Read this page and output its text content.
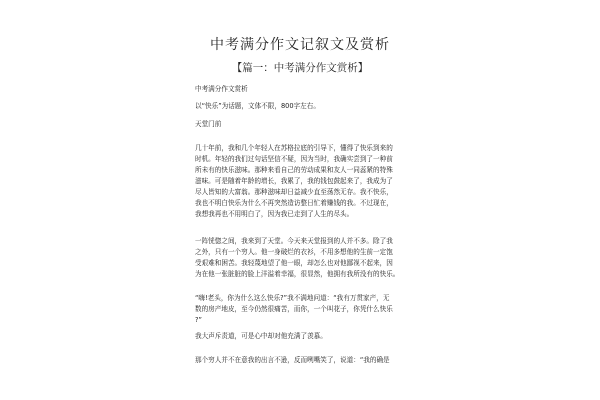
中考满分作文记叙文及赏析
【篇一：中考满分作文赏析】
中考满分作文赏析
以“快乐”为话题，文体不限，800字左右。
天堂门前
几十年前，我和几个年轻人在苏格拉底的引导下，懂得了快乐到来的
时机。年轻的我们过句话坚信不疑，因为当时，我确实尝到了一种前
所未有的快乐滋味。那种来看自己的劳动成果和友人一同蕊紧的特殊
滋味。可是随着年龄的增长，我累了，我的钱包鼓起来了，我成为了
尽人皆知的大富翁。那种滋味却日益减少直至荡然无存。我不快乐，
我也不明白快乐为什么不再突然造访整日忙着赚钱的我。不过现在，
我想我再也不用明白了，因为我已走到了人生的尽头。
一阵恍惚之间，我来到了天堂。今天来天堂报到的人并不多。除了我
之外，只有一个穷人。他一身破烂的衣衫，不用多想他的生前一定饱
受艰难和困苦。我轻蔑地望了他一眼，却怎么也对他鄙视不起来，因
为在他一张脏脏的脸上洋溢着幸福，很显然，他拥有我所没有的快乐。
“嗨!老头，你为什么这么快乐?”我不满地问道：“我有万贯家产，无
数的房产地皮，至今仍然很痛苦，而你，一个叫花子，你凭什么快乐
?”
我大声斥责道，可是心中却对他充满了羡慕。
那个穷人并不在意我的出言不逊，反而咧嘴笑了，说道：“我的确是
